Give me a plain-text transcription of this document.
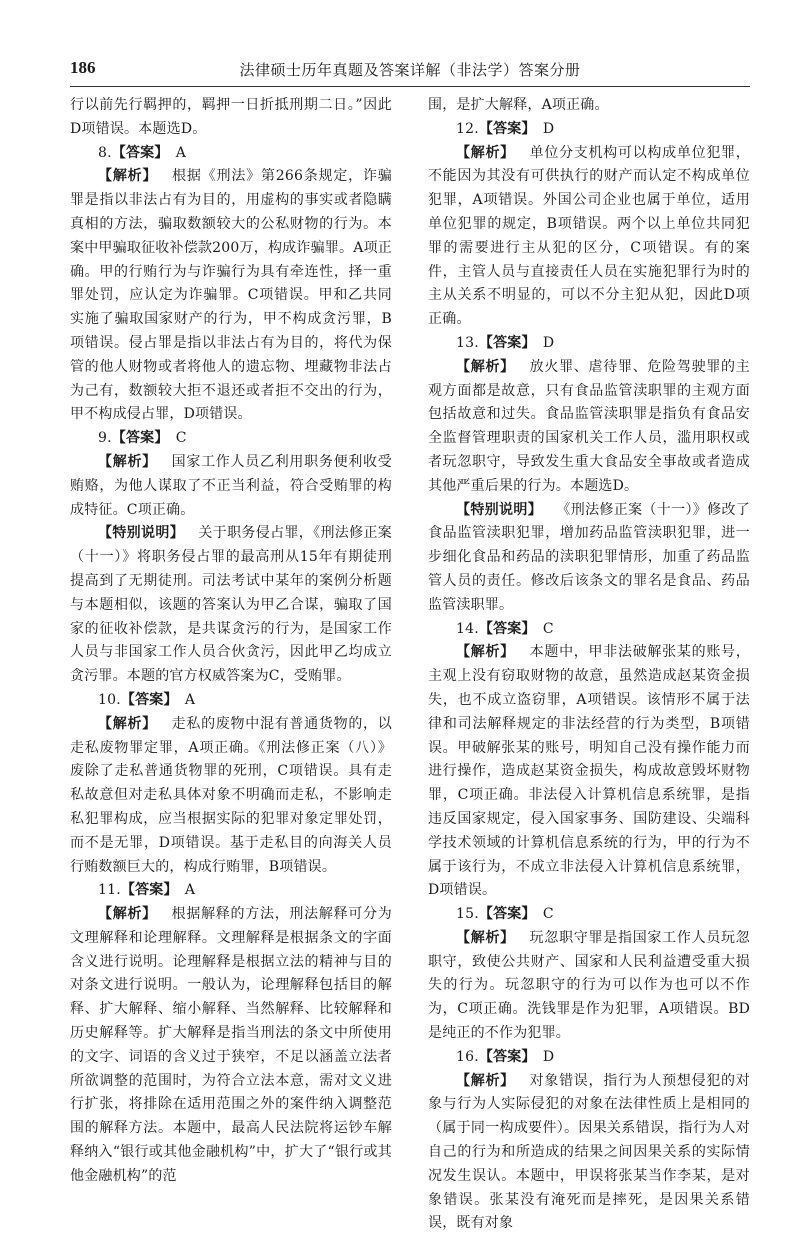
186	法律硕士历年真题及答案详解（非法学）答案分册

行以前先行羁押的，羁押一日折抵刑期二日。”因此D项错误。本题选D。

8.【答案】 A

【解析】 根据《刑法》第266条规定，诈骗罪是指以非法占有为目的，用虚构的事实或者隐瞒真相的方法，骗取数额较大的公私财物的行为。本案中甲骗取征收补偿款200万，构成诈骗罪。A项正确。甲的行贿行为与诈骗行为具有牵连性，择一重罪处罚，应认定为诈骗罪。C项错误。甲和乙共同实施了骗取国家财产的行为，甲不构成贪污罪，B项错误。侵占罪是指以非法占有为目的，将代为保管的他人财物或者将他人的遗忘物、埋藏物非法占为己有，数额较大拒不退还或者拒不交出的行为，甲不构成侵占罪，D项错误。

9.【答案】 C

【解析】 国家工作人员乙利用职务便利收受贿赂，为他人谋取了不正当利益，符合受贿罪的构成特征。C项正确。

【特别说明】 关于职务侵占罪，《刑法修正案（十一）》将职务侵占罪的最高刑从15年有期徒刑提高到了无期徒刑。司法考试中某年的案例分析题与本题相似，该题的答案认为甲乙合谋，骗取了国家的征收补偿款，是共谋贪污的行为，是国家工作人员与非国家工作人员合伙贪污，因此甲乙均成立贪污罪。本题的官方权威答案为C，受贿罪。

10.【答案】 A

【解析】 走私的废物中混有普通货物的，以走私废物罪定罪，A项正确。《刑法修正案（八）》废除了走私普通货物罪的死刑，C项错误。具有走私故意但对走私具体对象不明确而走私，不影响走私犯罪构成，应当根据实际的犯罪对象定罪处罚，而不是无罪，D项错误。基于走私目的向海关人员行贿数额巨大的，构成行贿罪，B项错误。

11.【答案】 A

【解析】 根据解释的方法，刑法解释可分为文理解释和论理解释。文理解释是根据条文的字面含义进行说明。论理解释是根据立法的精神与目的对条文进行说明。一般认为，论理解释包括目的解释、扩大解释、缩小解释、当然解释、比较解释和历史解释等。扩大解释是指当刑法的条文中所使用的文字、词语的含义过于狭窄，不足以涵盖立法者所欲调整的范围时，为符合立法本意，需对文义进行扩张，将排除在适用范围之外的案件纳入调整范围的解释方法。本题中，最高人民法院将运钞车解释纳入“银行或其他金融机构”中，扩大了“银行或其他金融机构”的范

围，是扩大解释，A项正确。

12.【答案】 D

【解析】 单位分支机构可以构成单位犯罪，不能因为其没有可供执行的财产而认定不构成单位犯罪，A项错误。外国公司企业也属于单位，适用单位犯罪的规定，B项错误。两个以上单位共同犯罪的需要进行主从犯的区分，C项错误。有的案件，主管人员与直接责任人员在实施犯罪行为时的主从关系不明显的，可以不分主犯从犯，因此D项正确。

13.【答案】 D

【解析】 放火罪、虐待罪、危险驾驶罪的主观方面都是故意，只有食品监管渎职罪的主观方面包括故意和过失。食品监管渎职罪是指负有食品安全监督管理职责的国家机关工作人员，滥用职权或者玩忽职守，导致发生重大食品安全事故或者造成其他严重后果的行为。本题选D。

【特别说明】 《刑法修正案（十一）》修改了食品监管渎职犯罪，增加药品监管渎职犯罪，进一步细化食品和药品的渎职犯罪情形，加重了药品监管人员的责任。修改后该条文的罪名是食品、药品监管渎职罪。

14.【答案】 C

【解析】 本题中，甲非法破解张某的账号，主观上没有窃取财物的故意，虽然造成赵某资金损失，也不成立盗窃罪，A项错误。该情形不属于法律和司法解释规定的非法经营的行为类型，B项错误。甲破解张某的账号，明知自己没有操作能力而进行操作，造成赵某资金损失，构成故意毁坏财物罪，C项正确。非法侵入计算机信息系统罪，是指违反国家规定，侵入国家事务、国防建设、尖端科学技术领域的计算机信息系统的行为，甲的行为不属于该行为，不成立非法侵入计算机信息系统罪，D项错误。

15.【答案】 C

【解析】 玩忽职守罪是指国家工作人员玩忽职守，致使公共财产、国家和人民利益遭受重大损失的行为。玩忽职守的行为可以作为也可以不作为，C项正确。洗钱罪是作为犯罪，A项错误。BD是纯正的不作为犯罪。

16.【答案】 D

【解析】 对象错误，指行为人预想侵犯的对象与行为人实际侵犯的对象在法律性质上是相同的（属于同一构成要件）。因果关系错误，指行为人对自己的行为和所造成的结果之间因果关系的实际情况发生误认。本题中，甲误将张某当作李某，是对象错误。张某没有淹死而是摔死，是因果关系错误，既有对象
